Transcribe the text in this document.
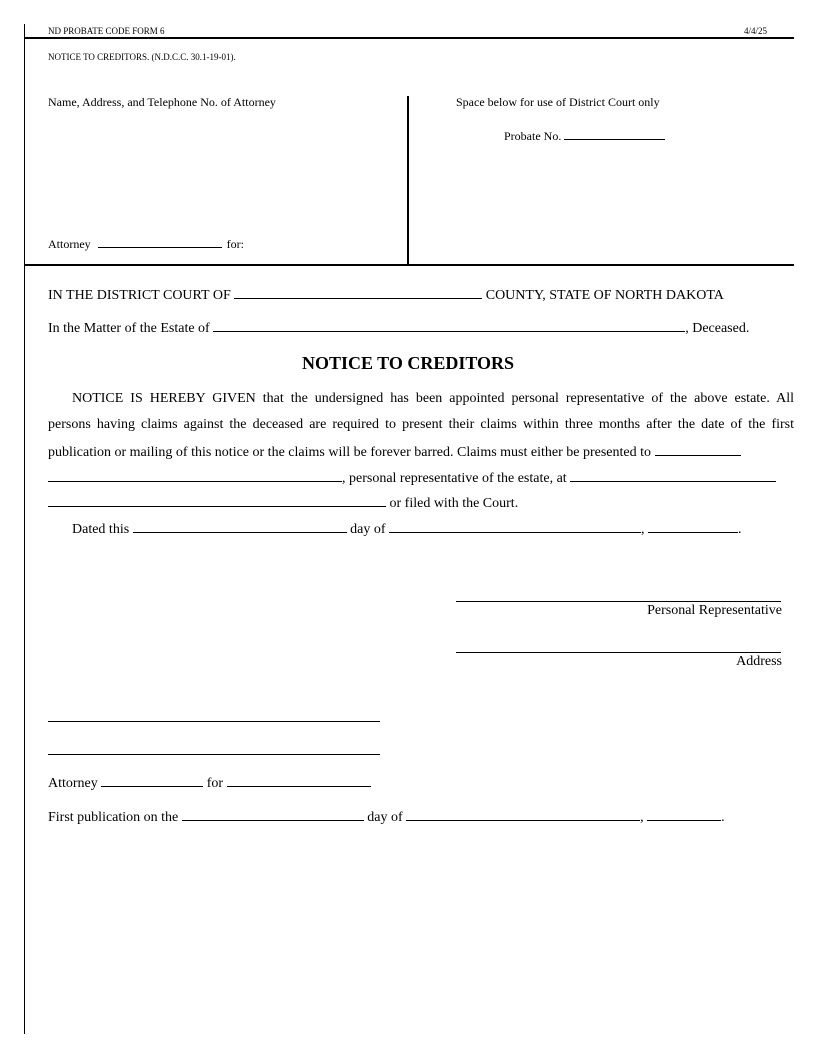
ND PROBATE CODE FORM 6	4/4/25
NOTICE TO CREDITORS. (N.D.C.C. 30.1-19-01).
Name, Address, and Telephone No. of Attorney	Space below for use of District Court only
Probate No.
Attorney	for:
IN THE DISTRICT COURT OF	COUNTY, STATE OF NORTH DAKOTA
In the Matter of the Estate of	, Deceased.
NOTICE TO CREDITORS
NOTICE IS HEREBY GIVEN that the undersigned has been appointed personal representative of the above estate. All
persons having claims against the deceased are required to present their claims within three months after the date of the first
publication or mailing of this notice or the claims will be forever barred. Claims must either be presented to
, personal representative of the estate, at
or filed with the Court.
Dated this	day of	,	.
Personal Representative
Address
Attorney	for
First publication on the	day of	,	.
